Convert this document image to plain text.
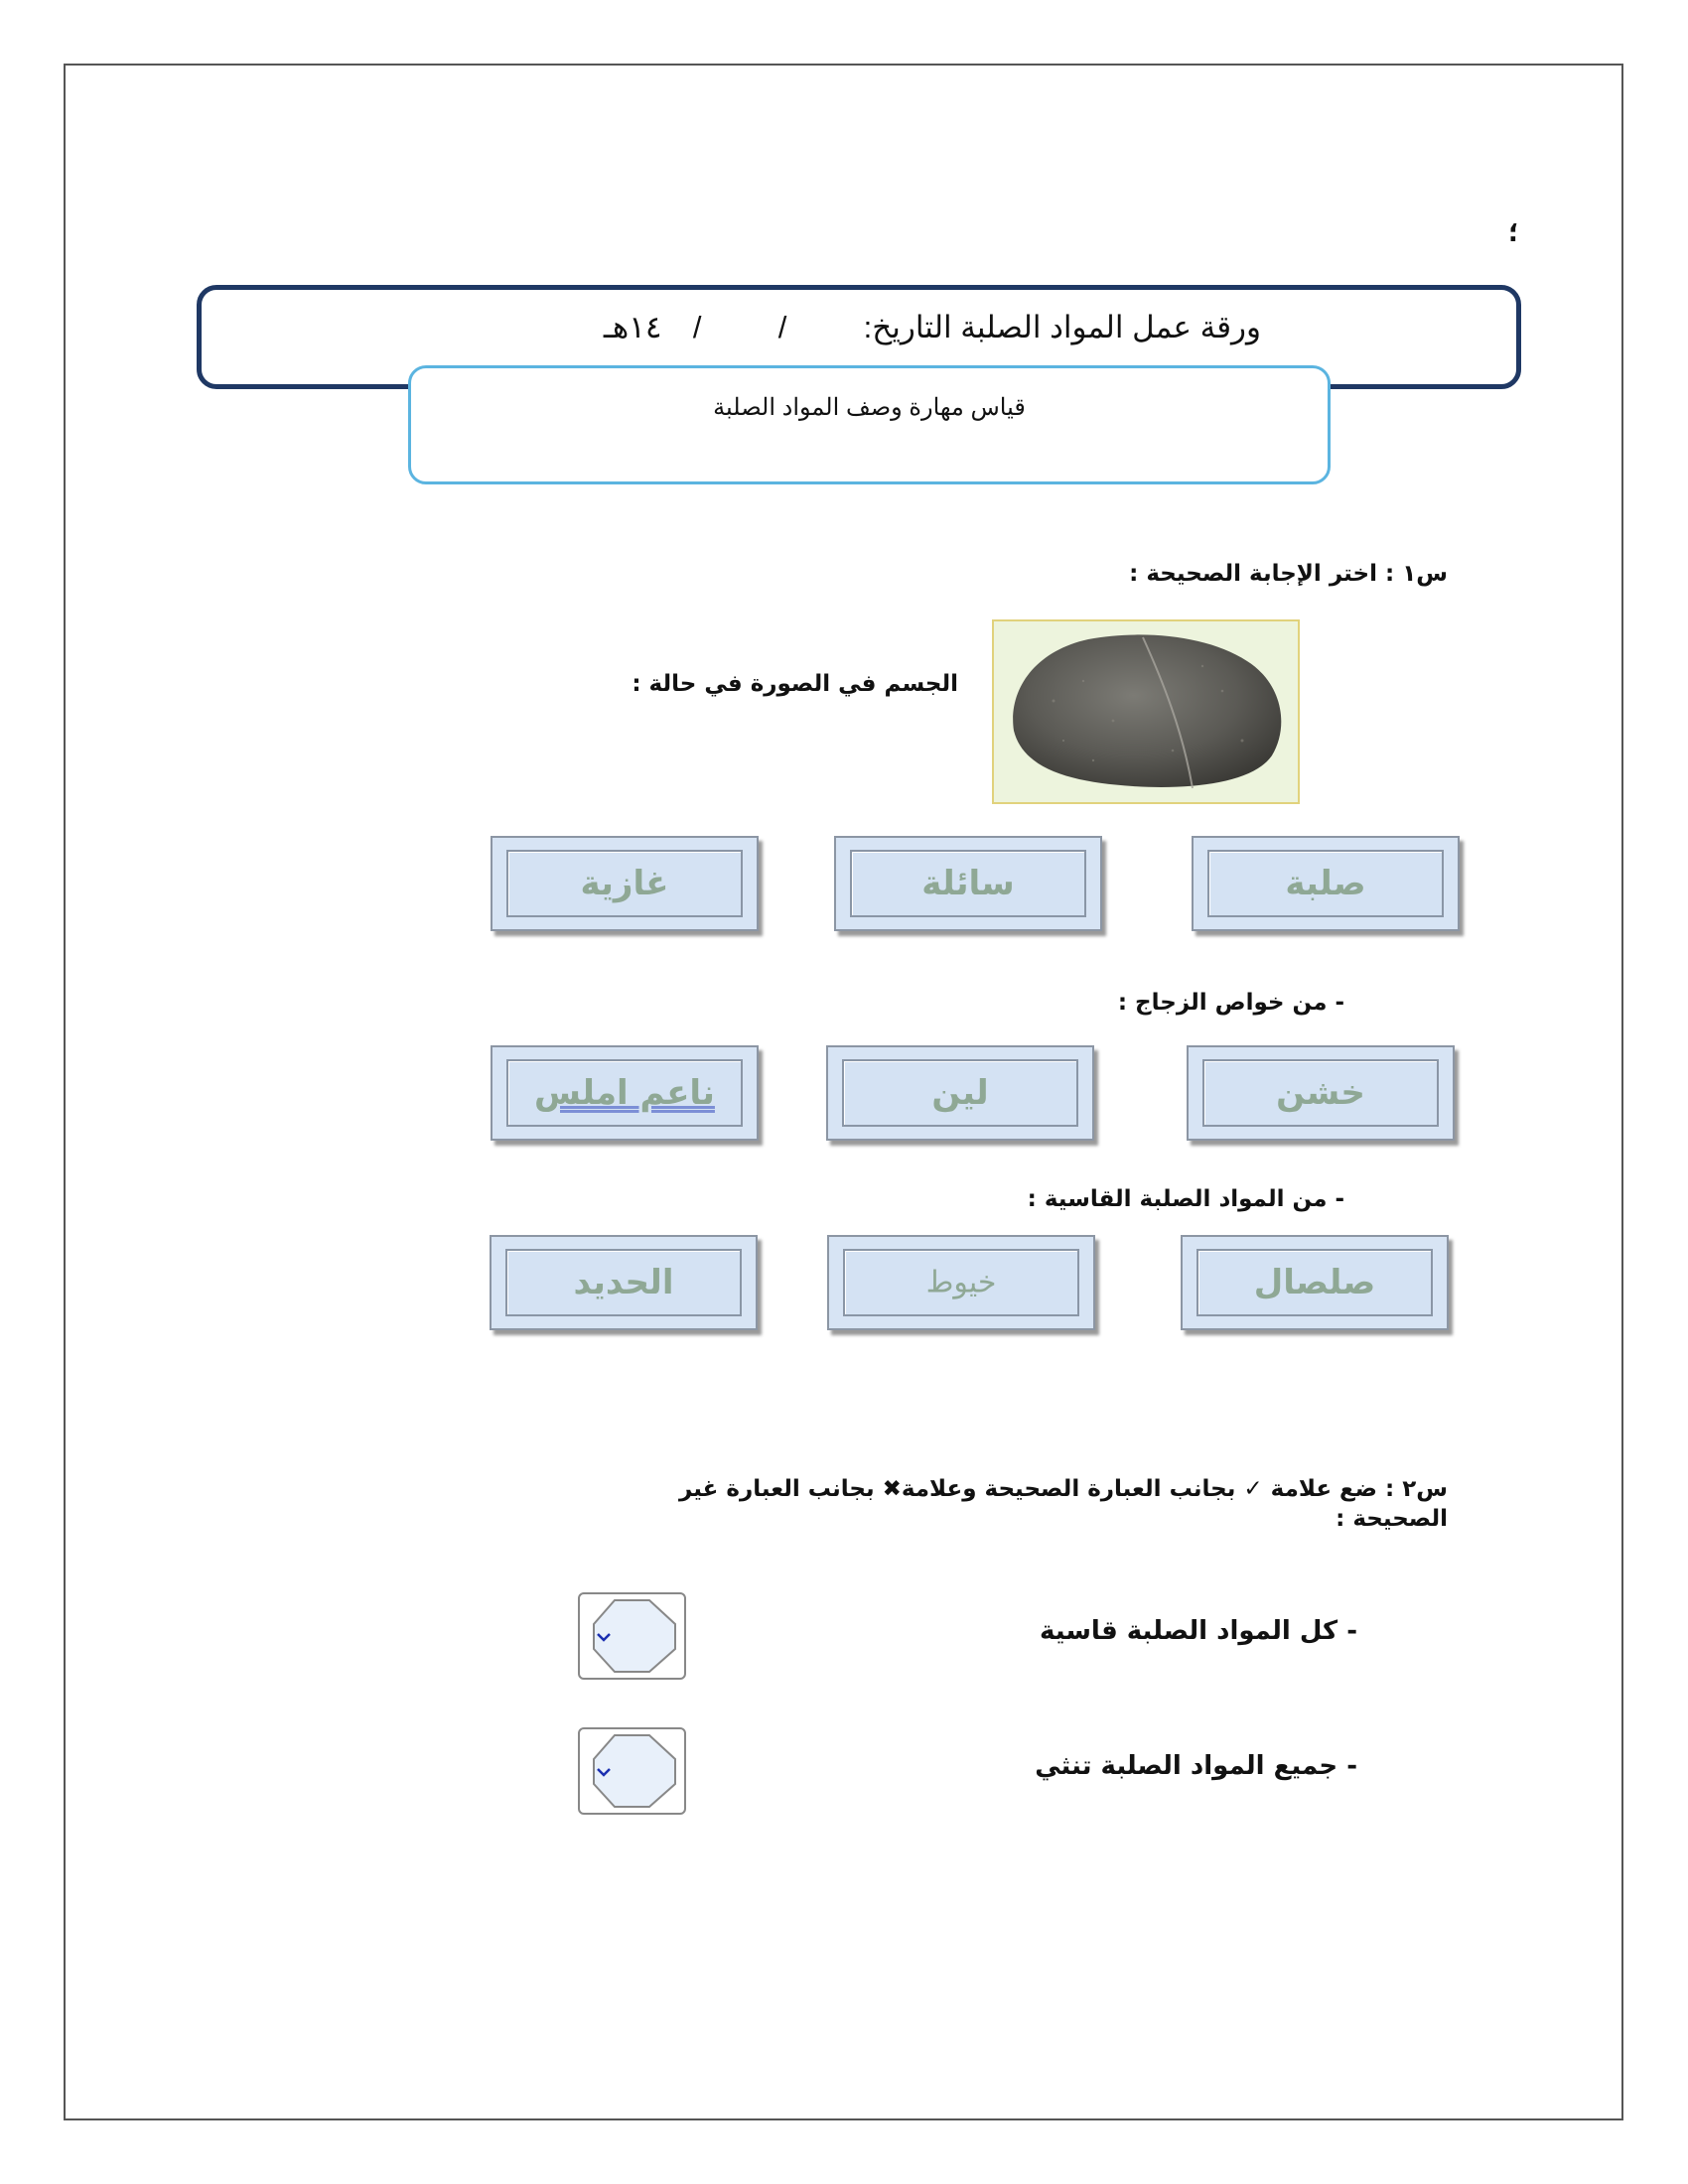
؛
ورقة عمل المواد الصلبة التاريخ:  /  /  ١٤هـ
قياس مهارة وصف المواد الصلبة
س١ : اختر الإجابة الصحيحة :
الجسم في الصورة في حالة :
صلبة
سائلة
غازية
- من خواص الزجاج :
خشن
لين
ناعم املس
- من المواد الصلبة القاسية :
صلصال
خيوط
الحديد
س٢ : ضع علامة ✓ بجانب العبارة الصحيحة وعلامة✖ بجانب العبارة غير
الصحيحة :
- كل المواد الصلبة قاسية
- جميع المواد الصلبة تنثي
